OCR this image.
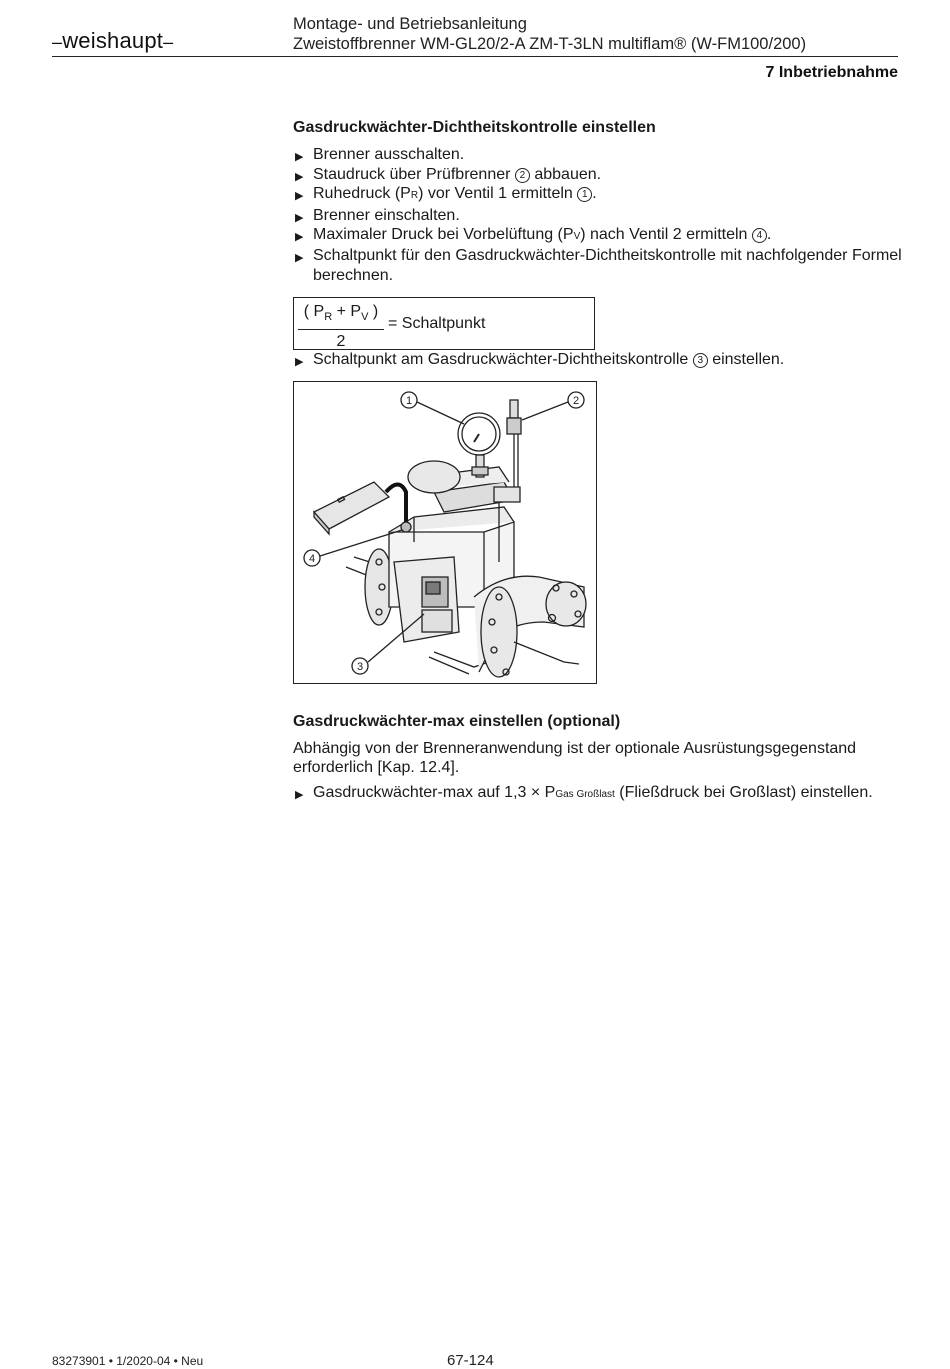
–weishaupt–
Montage- und Betriebsanleitung
Zweistoffbrenner WM-GL20/2-A ZM-T-3LN multiflam® (W-FM100/200)
7 Inbetriebnahme
Gasdruckwächter-Dichtheitskontrolle einstellen
▶ Brenner ausschalten.
▶ Staudruck über Prüfbrenner 2 abbauen.
▶ Ruhedruck (PR) vor Ventil 1 ermitteln 1 .
▶ Brenner einschalten.
▶ Maximaler Druck bei Vorbelüftung (PV) nach Ventil 2 ermitteln 4 .
▶ Schaltpunkt für den Gasdruckwächter-Dichtheitskontrolle mit nachfolgender Formel berechnen.
$\frac{( P_R + P_V )}{2}$ = Schaltpunkt
▶ Schaltpunkt am Gasdruckwächter-Dichtheitskontrolle 3 einstellen.
1	2
4
3
Gasdruckwächter-max einstellen (optional)

Abhängig von der Brenneranwendung ist der optionale Ausrüstungsgegenstand erforderlich [Kap. 12.4].

▶ Gasdruckwächter-max auf 1,3 × PGas Großlast (Fließdruck bei Großlast) einstellen.
83273901 • 1/2020-04 • Neu	67-124
